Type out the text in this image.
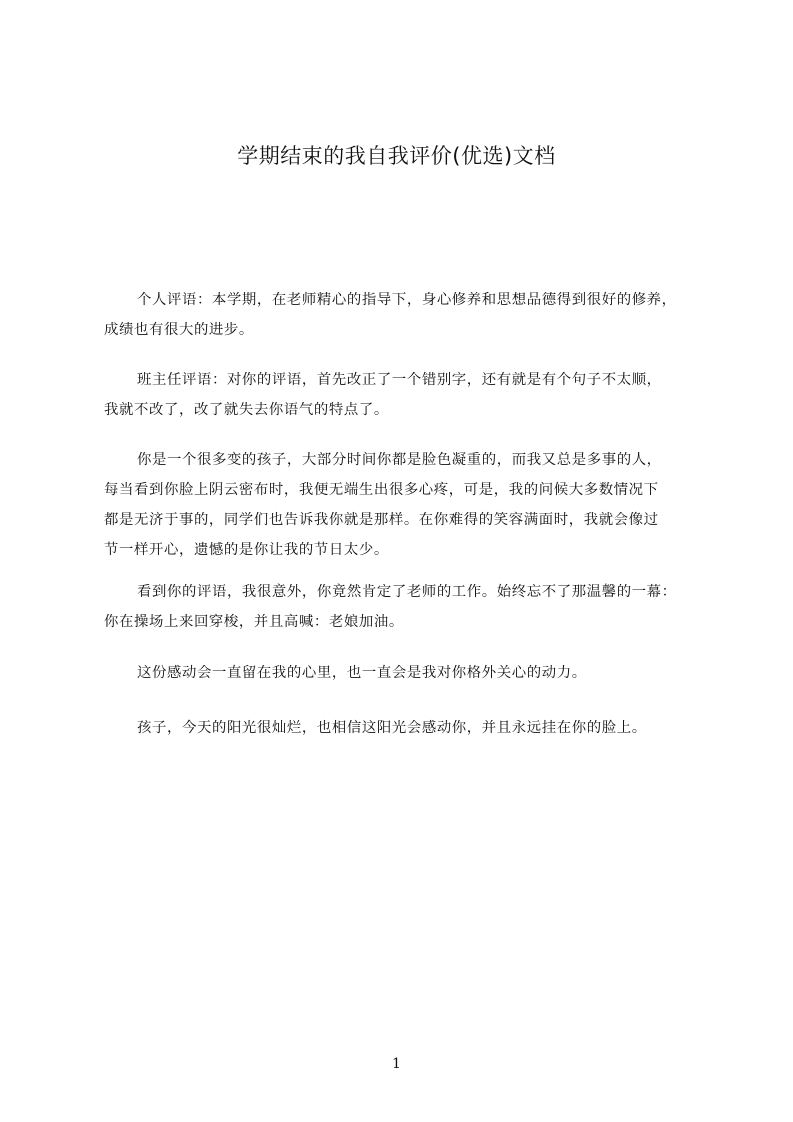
学期结束的我自我评价(优选)文档
个人评语：本学期，在老师精心的指导下，身心修养和思想品德得到很好的修养，
成绩也有很大的进步。
班主任评语：对你的评语，首先改正了一个错别字，还有就是有个句子不太顺，
我就不改了，改了就失去你语气的特点了。
你是一个很多变的孩子，大部分时间你都是脸色凝重的，而我又总是多事的人，
每当看到你脸上阴云密布时，我便无端生出很多心疼，可是，我的问候大多数情况下
都是无济于事的，同学们也告诉我你就是那样。在你难得的笑容满面时，我就会像过
节一样开心，遗憾的是你让我的节日太少。
看到你的评语，我很意外，你竟然肯定了老师的工作。始终忘不了那温馨的一幕：
你在操场上来回穿梭，并且高喊：老娘加油。
这份感动会一直留在我的心里，也一直会是我对你格外关心的动力。
孩子，今天的阳光很灿烂，也相信这阳光会感动你，并且永远挂在你的脸上。
1
